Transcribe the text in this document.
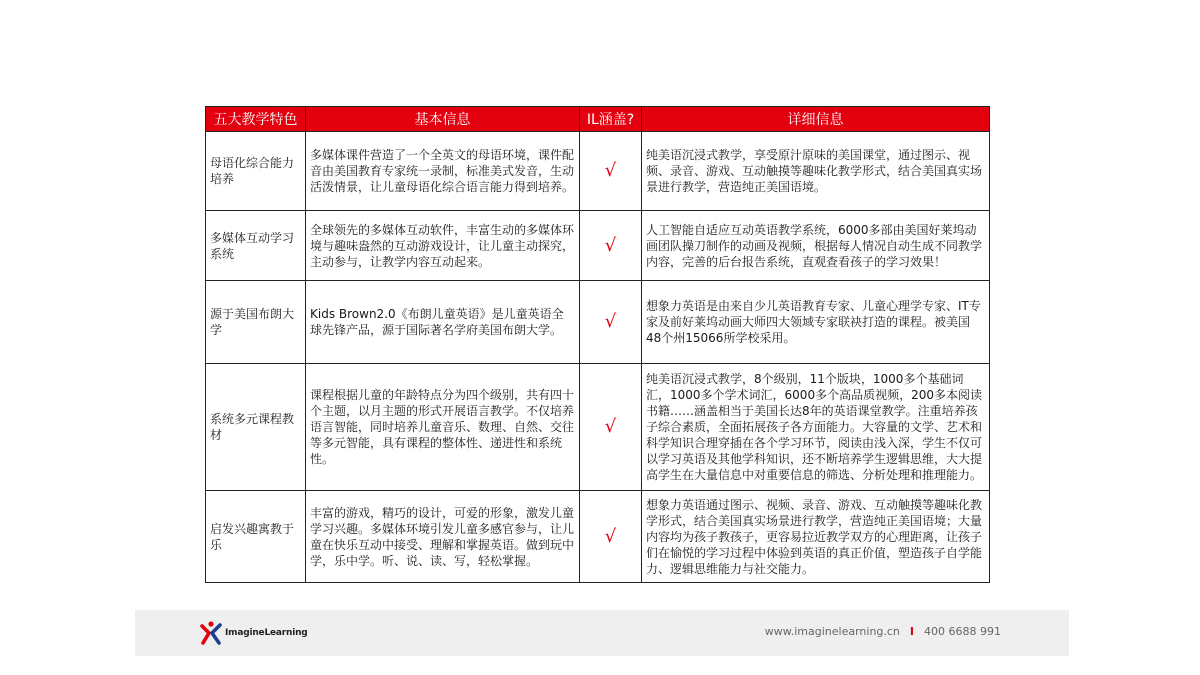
五大教学特色	基本信息	IL涵盖?	详细信息
母语化综合能力培养	多媒体课件营造了一个全英文的母语环境，课件配音由美国教育专家统一录制，标准美式发音，生动活泼情景，让儿童母语化综合语言能力得到培养。	√	纯美语沉浸式教学，享受原汁原味的美国课堂，通过图示、视频、录音、游戏、互动触摸等趣味化教学形式，结合美国真实场景进行教学，营造纯正美国语境。
多媒体互动学习系统	全球领先的多媒体互动软件，丰富生动的多媒体环境与趣味盎然的互动游戏设计，让儿童主动探究，主动参与，让教学内容互动起来。	√	人工智能自适应互动英语教学系统，6000多部由美国好莱坞动画团队操刀制作的动画及视频，根据每人情况自动生成不同教学内容，完善的后台报告系统，直观查看孩子的学习效果！
源于美国布朗大学	Kids Brown2.0《布朗儿童英语》是儿童英语全球先锋产品，源于国际著名学府美国布朗大学。	√	想象力英语是由来自少儿英语教育专家、儿童心理学专家、IT专家及前好莱坞动画大师四大领域专家联袂打造的课程。被美国48个州15066所学校采用。
系统多元课程教材	课程根据儿童的年龄特点分为四个级别，共有四十个主题，以月主题的形式开展语言教学。不仅培养语言智能，同时培养儿童音乐、数理、自然、交往等多元智能，具有课程的整体性、递进性和系统性。	√	纯美语沉浸式教学，8个级别，11个版块，1000多个基础词汇，1000多个学术词汇，6000多个高品质视频，200多本阅读书籍……涵盖相当于美国长达8年的英语课堂教学。注重培养孩子综合素质，全面拓展孩子各方面能力。大容量的文学、艺术和科学知识合理穿插在各个学习环节，阅读由浅入深，学生不仅可以学习英语及其他学科知识，还不断培养学生逻辑思维，大大提高学生在大量信息中对重要信息的筛选、分析处理和推理能力。
启发兴趣寓教于乐	丰富的游戏，精巧的设计，可爱的形象，激发儿童学习兴趣。多媒体环境引发儿童多感官参与，让儿童在快乐互动中接受、理解和掌握英语。做到玩中学，乐中学。听、说、读、写，轻松掌握。	√	想象力英语通过图示、视频、录音、游戏、互动触摸等趣味化教学形式，结合美国真实场景进行教学，营造纯正美国语境；大量内容均为孩子教孩子，更容易拉近教学双方的心理距离，让孩子们在愉悦的学习过程中体验到英语的真正价值，塑造孩子自学能力、逻辑思维能力与社交能力。
ImagineLearning	www.imaginelearning.cn I 400 6688 991
